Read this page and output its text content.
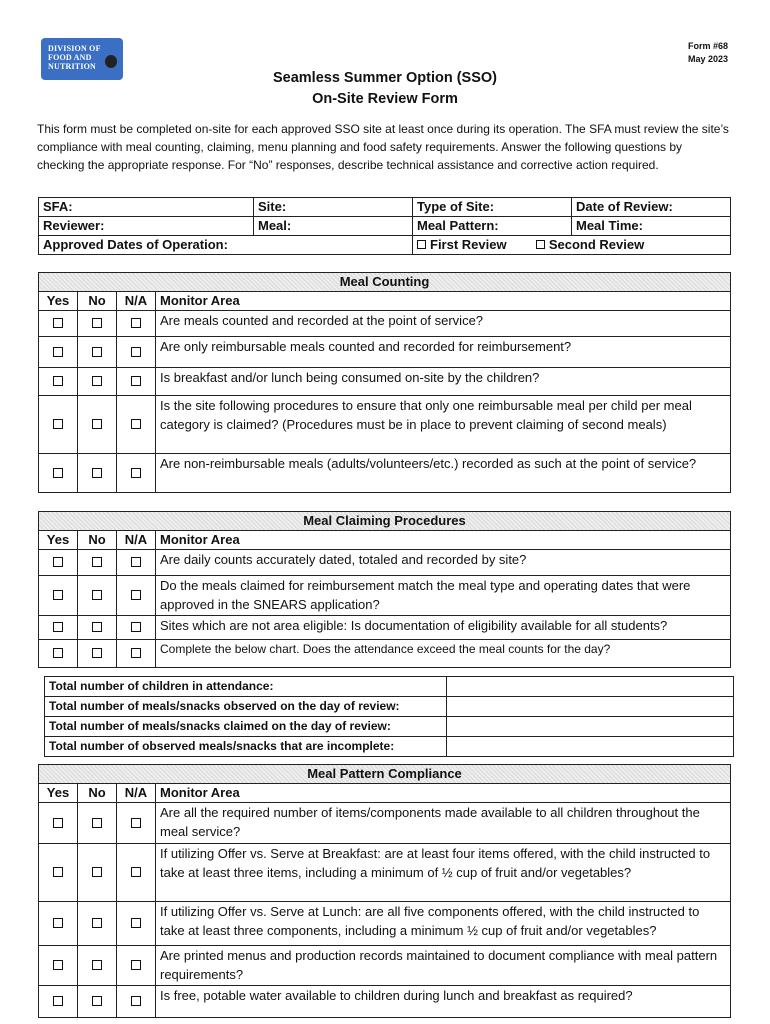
DIVISION OF
FOOD AND
NUTRITION
Form #68
May 2023
Seamless Summer Option (SSO)
On-Site Review Form
This form must be completed on-site for each approved SSO site at least once during its operation. The SFA must review the site’s compliance with meal counting, claiming, menu planning and food safety requirements. Answer the following questions by checking the appropriate response. For “No” responses, describe technical assistance and corrective action required.
SFA:	Site:	Type of Site:	Date of Review:
Reviewer:	Meal:	Meal Pattern:	Meal Time:
Approved Dates of Operation:		First Review Second Review	
Meal Counting			
Yes	No	N/A	Monitor Area
			Are meals counted and recorded at the point of service?
			Are only reimbursable meals counted and recorded for reimbursement?
			Is breakfast and/or lunch being consumed on-site by the children?
			Is the site following procedures to ensure that only one reimbursable meal per child per meal category is claimed? (Procedures must be in place to prevent claiming of second meals)
			Are non-reimbursable meals (adults/volunteers/etc.) recorded as such at the point of service?
Meal Claiming Procedures			
Yes	No	N/A	Monitor Area
			Are daily counts accurately dated, totaled and recorded by site?
			Do the meals claimed for reimbursement match the meal type and operating dates that were approved in the SNEARS application?
			Sites which are not area eligible: Is documentation of eligibility available for all students?
			Complete the below chart. Does the attendance exceed the meal counts for the day?
Total number of children in attendance:	
Total number of meals/snacks observed on the day of review:	
Total number of meals/snacks claimed on the day of review:	
Total number of observed meals/snacks that are incomplete:	
Meal Pattern Compliance			
Yes	No	N/A	Monitor Area
			Are all the required number of items/components made available to all children throughout the meal service?
			If utilizing Offer vs. Serve at Breakfast: are at least four items offered, with the child instructed to take at least three items, including a minimum of ½ cup of fruit and/or vegetables?
			If utilizing Offer vs. Serve at Lunch: are all five components offered, with the child instructed to take at least three components, including a minimum ½ cup of fruit and/or vegetables?
			Are printed menus and production records maintained to document compliance with meal pattern requirements?
			Is free, potable water available to children during lunch and breakfast as required?
